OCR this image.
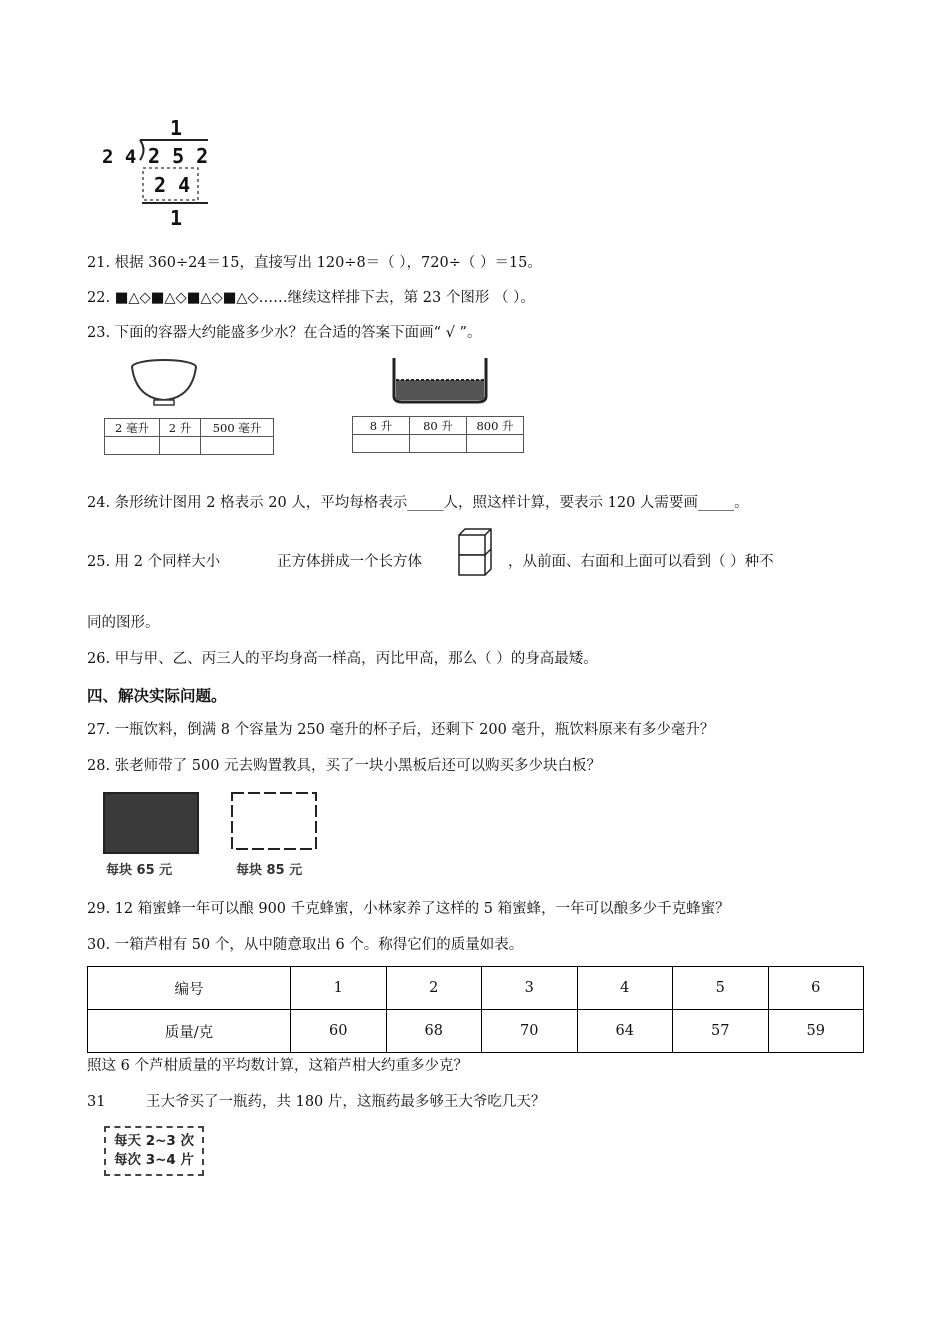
1
2 4 2 5 2
2 4
1
21. 根据 360÷24＝15，直接写出 120÷8＝（ ），720÷（ ）＝15。
22. ■△◇■△◇■△◇■△◇……继续这样排下去，第 23 个图形 （ ）。
23. 下面的容器大约能盛多少水？在合适的答案下面画“ √ ”。
2 毫升	2 升	500 毫升
			8 升	80 升	800 升

24. 条形统计图用 2 格表示 20 人，平均每格表示_____人，照这样计算，要表示 120 人需要画_____。
25. 用 2 个同样大小	正方体拼成一个长方体	，从前面、右面和上面可以看到（ ）种不
同的图形。
26. 甲与甲、乙、丙三人的平均身高一样高，丙比甲高，那么（ ）的身高最矮。
四、解决实际问题。
27. 一瓶饮料，倒满 8 个容量为 250 毫升的杯子后，还剩下 200 毫升，瓶饮料原来有多少毫升？
28. 张老师带了 500 元去购置教具，买了一块小黑板后还可以购买多少块白板？
每块 65 元	每块 85 元
29. 12 箱蜜蜂一年可以酿 900 千克蜂蜜，小林家养了这样的 5 箱蜜蜂，一年可以酿多少千克蜂蜜？
30. 一箱芦柑有 50 个，从中随意取出 6 个。称得它们的质量如表。
编号	1	2	3	4	5	6
质量/克	60	68	70	64	57	59
照这 6 个芦柑质量的平均数计算，这箱芦柑大约重多少克？
31	王大爷买了一瓶药，共 180 片，这瓶药最多够王大爷吃几天？
每天 2~3 次
每次 3~4 片
